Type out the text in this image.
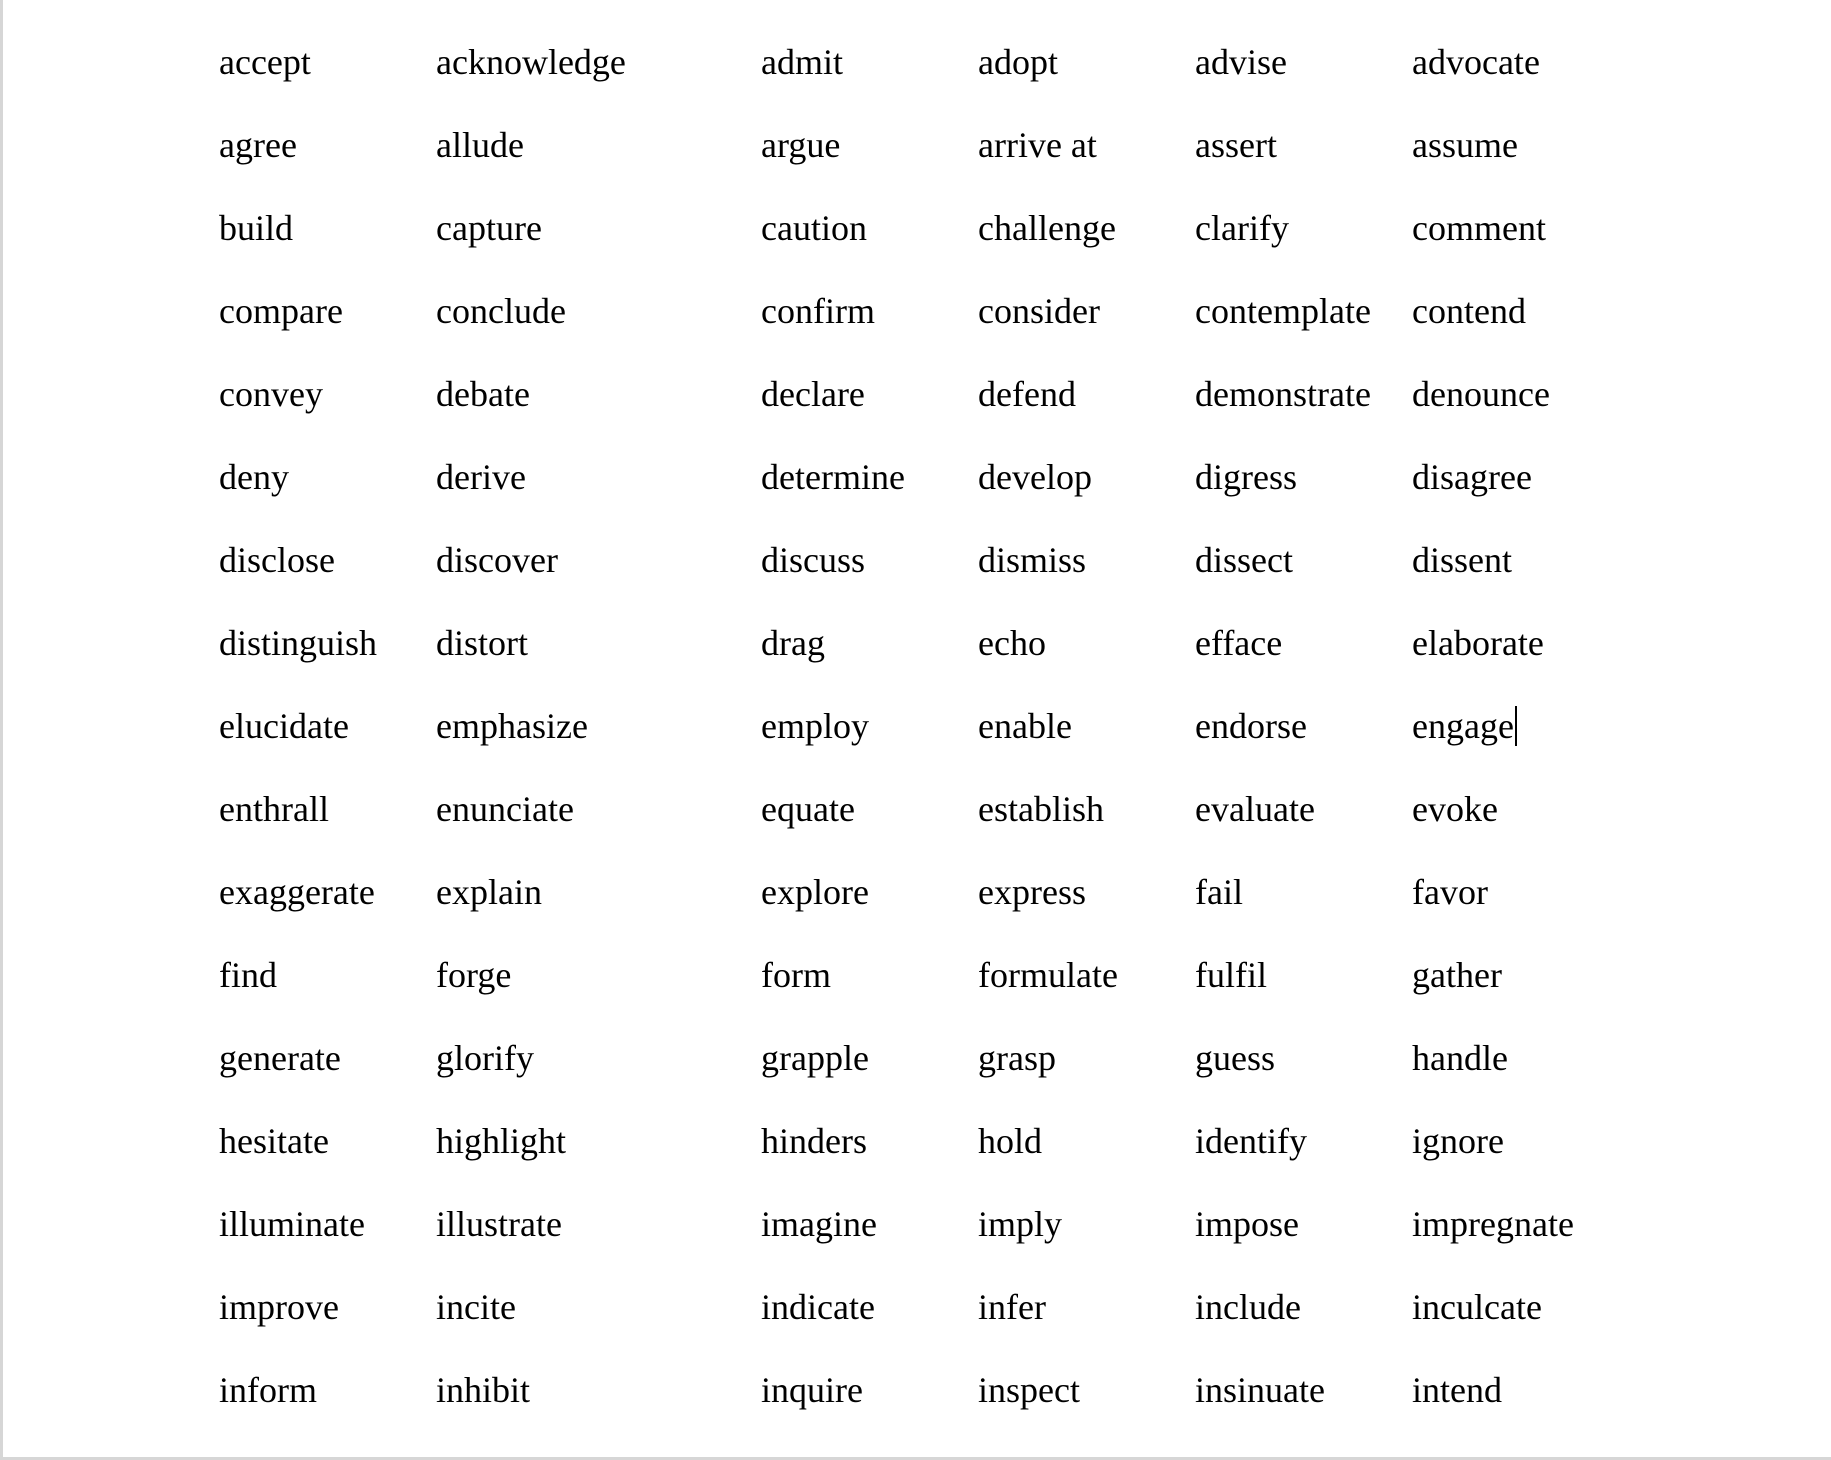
accept	acknowledge	admit	adopt	advise	advocate
agree	allude	argue	arrive at	assert	assume
build	capture	caution	challenge	clarify	comment
compare	conclude	confirm	consider	contemplate	contend
convey	debate	declare	defend	demonstrate	denounce
deny	derive	determine	develop	digress	disagree
disclose	discover	discuss	dismiss	dissect	dissent
distinguish	distort	drag	echo	efface	elaborate
elucidate	emphasize	employ	enable	endorse	engage
enthrall	enunciate	equate	establish	evaluate	evoke
exaggerate	explain	explore	express	fail	favor
find	forge	form	formulate	fulfil	gather
generate	glorify	grapple	grasp	guess	handle
hesitate	highlight	hinders	hold	identify	ignore
illuminate	illustrate	imagine	imply	impose	impregnate
improve	incite	indicate	infer	include	inculcate
inform	inhibit	inquire	inspect	insinuate	intend
